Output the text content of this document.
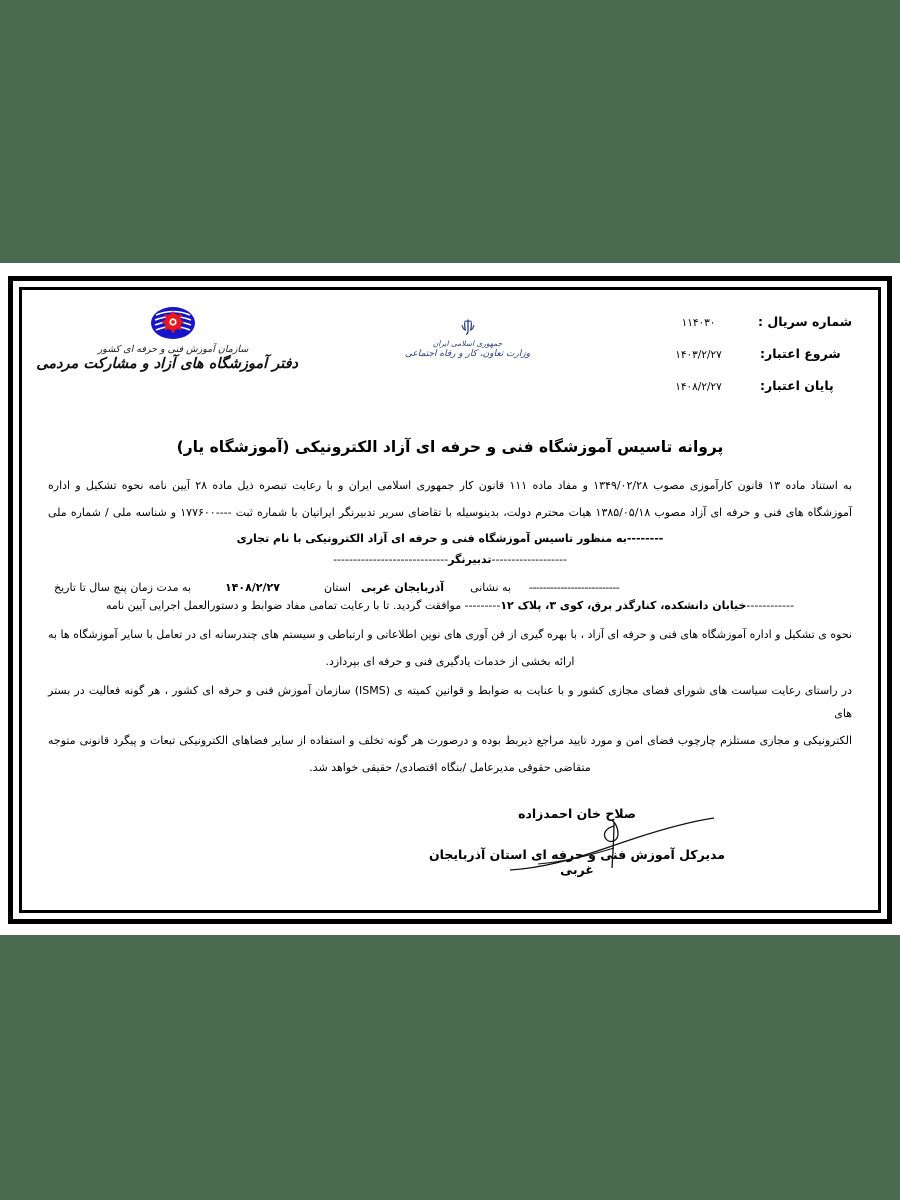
سازمان آموزش فنی و حرفه ای کشور
دفتر آموزشگاه های آزاد و مشارکت مردمی
جمهوری اسلامی ایران
وزارت تعاون، کار و رفاه اجتماعی
شماره سریال :
۱۱۴۰۳۰
شروع اعتبار:
۱۴۰۳/۲/۲۷
پایان اعتبار:
۱۴۰۸/۲/۲۷
پروانه تاسیس آموزشگاه فنی و حرفه ای آزاد الکترونیکی (آموزشگاه یار)
به استناد ماده ۱۳ قانون کارآموزی مصوب ۱۳۴۹/۰۲/۲۸ و مفاد ماده ۱۱۱ قانون کار جمهوری اسلامی ایران و با رعایت تبصره ذیل ماده ۲۸ آیین نامه نحوه تشکیل و اداره
آموزشگاه های فنی و حرفه ای آزاد مصوب ۱۳۸۵/۰۵/۱۸ هیات محترم دولت، بدینوسیله با تقاضای سریر تدبیرنگر ایرانیان با شماره ثبت ----۱۷۷۶۰۰ و شناسه ملی / شماره ملی
--------به منظور تاسیس آموزشگاه فنی و حرفه ای آزاد الکترونیکی با نام تجاری
-------------------تدبیرنگر-----------------------------
به مدت زمان پنج سال تا تاریخ	۱۴۰۸/۲/۲۷	استان آذربایجان غربی به نشانی --------------------------
------------خیابان دانشکده، کنارگذر برق، کوی ۳، پلاک ۱۲--------- موافقت گردید. تا با رعایت تمامی مفاد ضوابط و دستورالعمل اجرایی آیین نامه
نحوه ی تشکیل و اداره آموزشگاه های فنی و حرفه ای آزاد ، با بهره گیری از فن آوری های نوین اطلاعاتی و ارتباطی و سیستم های چندرسانه ای در تعامل با سایر آموزشگاه ها به
ارائه بخشی از خدمات یادگیری فنی و حرفه ای بپردازد.
در راستای رعایت سیاست های شورای فضای مجازی کشور و با عنایت به ضوابط و قوانین کمیته ی (ISMS) سازمان آموزش فنی و حرفه ای کشور ، هر گونه فعالیت در بستر های
الکترونیکی و مجازی مستلزم چارچوب فضای امن و مورد تایید مراجع ذیربط بوده و درصورت هر گونه تخلف و استفاده از سایر فضاهای الکترونیکی تبعات و پیگرد قانونی متوجه
متقاضی حقوقی مدیرعامل /بنگاه اقتصادی/ حقیقی خواهد شد.
صلاح خان احمدزاده
مدیرکل آموزش فنی و حرفه ای استان آذربایجان غربی
